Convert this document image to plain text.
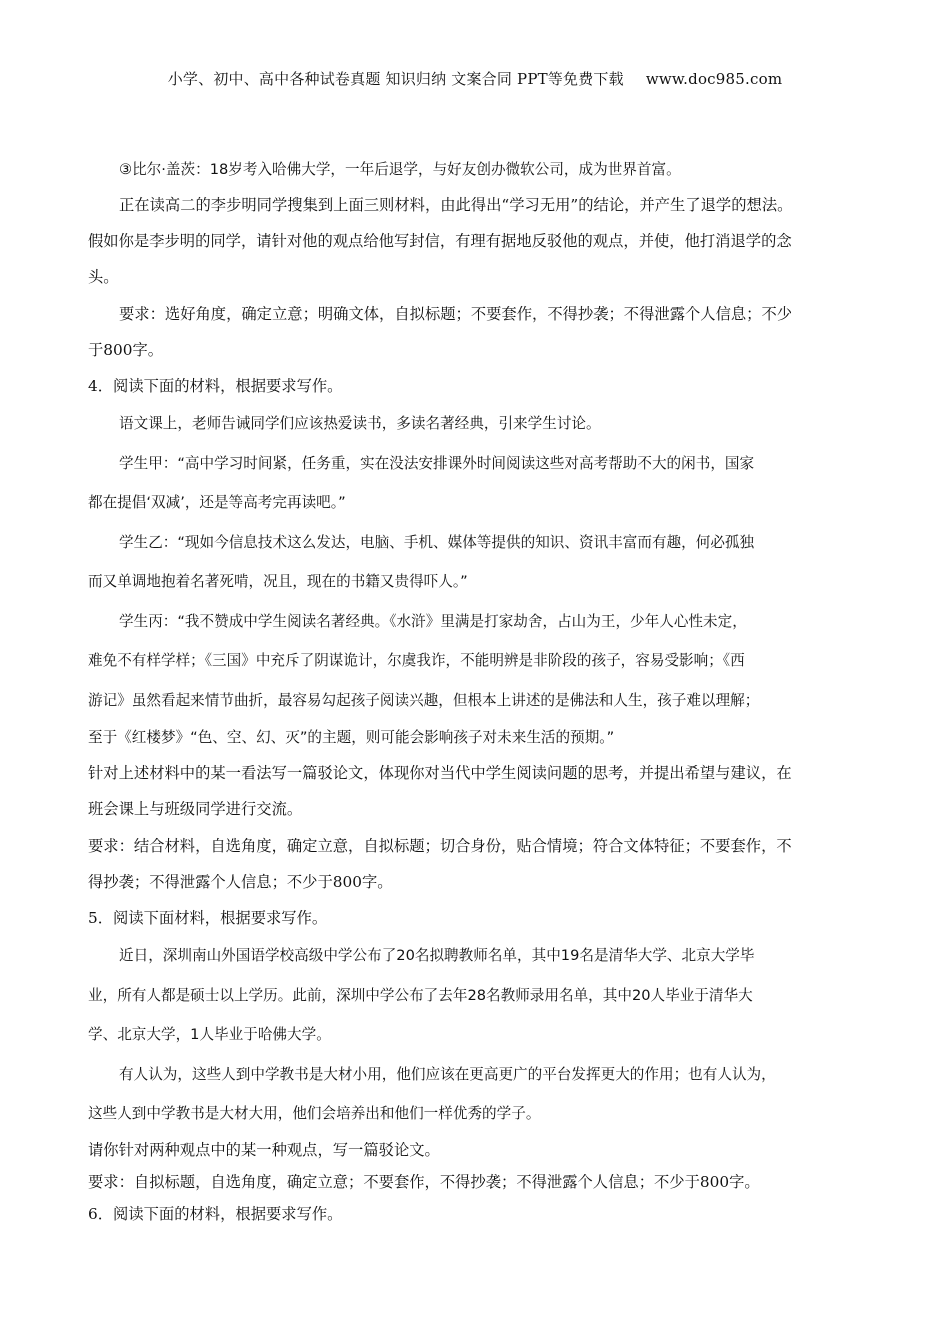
小学、初中、高中各种试卷真题 知识归纳 文案合同 PPT等免费下载 www.doc985.com
③比尔·盖茨：18岁考入哈佛大学，一年后退学，与好友创办微软公司，成为世界首富。
正在读高二的李步明同学搜集到上面三则材料，由此得出“学习无用”的结论，并产生了退学的想法。
假如你是李步明的同学，请针对他的观点给他写封信，有理有据地反驳他的观点，并使，他打消退学的念
头。
要求：选好角度，确定立意；明确文体，自拟标题；不要套作，不得抄袭；不得泄露个人信息；不少
于800字。
4．阅读下面的材料，根据要求写作。
语文课上，老师告诫同学们应该热爱读书，多读名著经典，引来学生讨论。
学生甲：“高中学习时间紧，任务重，实在没法安排课外时间阅读这些对高考帮助不大的闲书，国家
都在提倡‘双减’，还是等高考完再读吧。”
学生乙：“现如今信息技术这么发达，电脑、手机、媒体等提供的知识、资讯丰富而有趣，何必孤独
而又单调地抱着名著死啃，况且，现在的书籍又贵得吓人。”
学生丙：“我不赞成中学生阅读名著经典。《水浒》里满是打家劫舍，占山为王，少年人心性未定，
难免不有样学样；《三国》中充斥了阴谋诡计，尔虞我诈，不能明辨是非阶段的孩子，容易受影响；《西
游记》虽然看起来情节曲折，最容易勾起孩子阅读兴趣，但根本上讲述的是佛法和人生，孩子难以理解；
至于《红楼梦》“色、空、幻、灭”的主题，则可能会影响孩子对未来生活的预期。”
针对上述材料中的某一看法写一篇驳论文，体现你对当代中学生阅读问题的思考，并提出希望与建议，在
班会课上与班级同学进行交流。
要求：结合材料，自选角度，确定立意，自拟标题；切合身份，贴合情境；符合文体特征；不要套作，不
得抄袭；不得泄露个人信息；不少于800字。
5．阅读下面材料，根据要求写作。
近日，深圳南山外国语学校高级中学公布了20名拟聘教师名单，其中19名是清华大学、北京大学毕
业，所有人都是硕士以上学历。此前，深圳中学公布了去年28名教师录用名单，其中20人毕业于清华大
学、北京大学，1人毕业于哈佛大学。
有人认为，这些人到中学教书是大材小用，他们应该在更高更广的平台发挥更大的作用；也有人认为，
这些人到中学教书是大材大用，他们会培养出和他们一样优秀的学子。
请你针对两种观点中的某一种观点，写一篇驳论文。
要求：自拟标题，自选角度，确定立意；不要套作，不得抄袭；不得泄露个人信息；不少于800字。
6．阅读下面的材料，根据要求写作。
